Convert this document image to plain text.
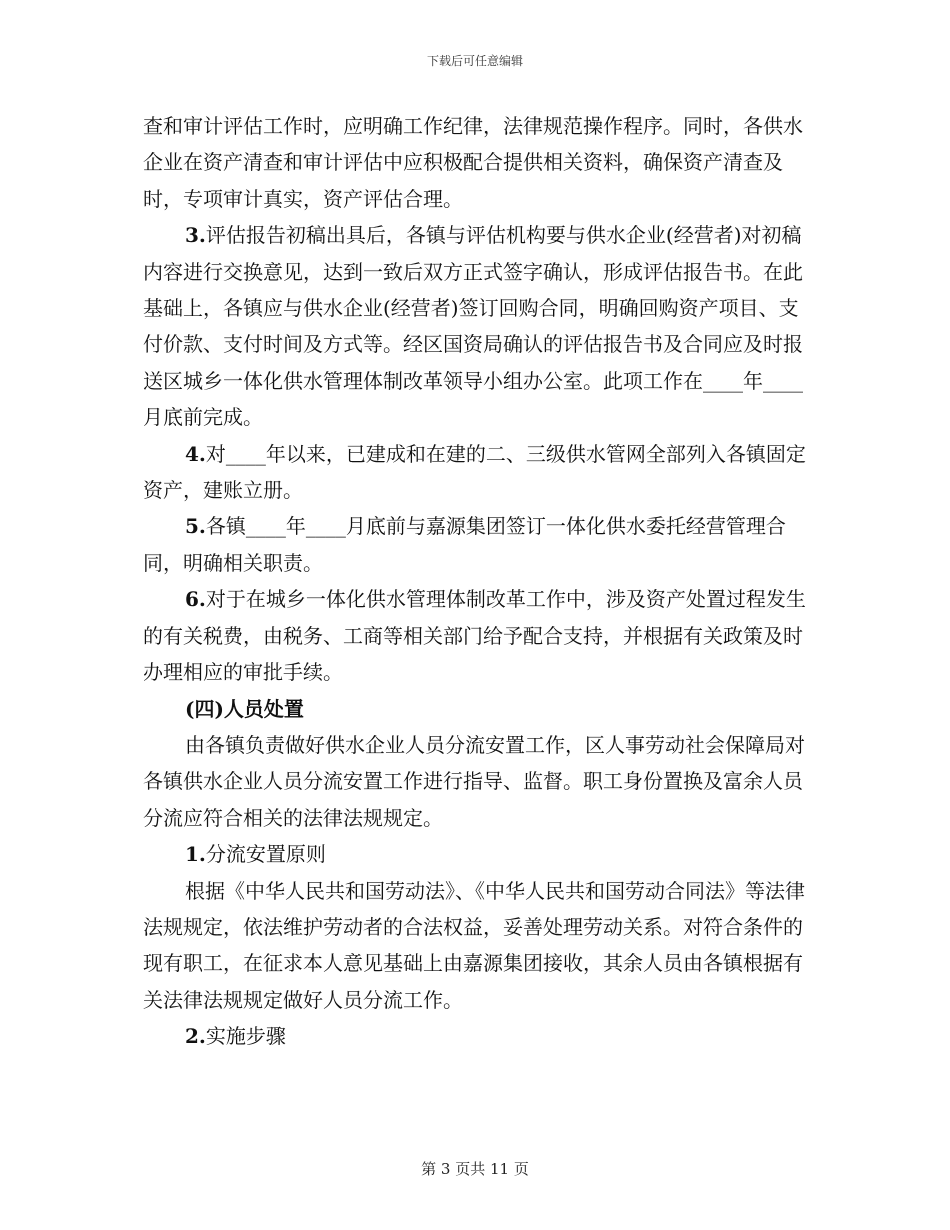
下载后可任意编辑

查和审计评估工作时，应明确工作纪律，法律规范操作程序。同时，各供水企业在资产清查和审计评估中应积极配合提供相关资料，确保资产清查及时，专项审计真实，资产评估合理。

3.评估报告初稿出具后，各镇与评估机构要与供水企业(经营者)对初稿内容进行交换意见，达到一致后双方正式签字确认，形成评估报告书。在此基础上，各镇应与供水企业(经营者)签订回购合同，明确回购资产项目、支付价款、支付时间及方式等。经区国资局确认的评估报告书及合同应及时报送区城乡一体化供水管理体制改革领导小组办公室。此项工作在____年____月底前完成。

4.对____年以来，已建成和在建的二、三级供水管网全部列入各镇固定资产，建账立册。

5.各镇____年____月底前与嘉源集团签订一体化供水委托经营管理合同，明确相关职责。

6.对于在城乡一体化供水管理体制改革工作中，涉及资产处置过程发生的有关税费，由税务、工商等相关部门给予配合支持，并根据有关政策及时办理相应的审批手续。

(四)人员处置

由各镇负责做好供水企业人员分流安置工作，区人事劳动社会保障局对各镇供水企业人员分流安置工作进行指导、监督。职工身份置换及富余人员分流应符合相关的法律法规规定。

1.分流安置原则

根据《中华人民共和国劳动法》、《中华人民共和国劳动合同法》等法律法规规定，依法维护劳动者的合法权益，妥善处理劳动关系。对符合条件的现有职工，在征求本人意见基础上由嘉源集团接收，其余人员由各镇根据有关法律法规规定做好人员分流工作。

2.实施步骤

第 3 页共 11 页
